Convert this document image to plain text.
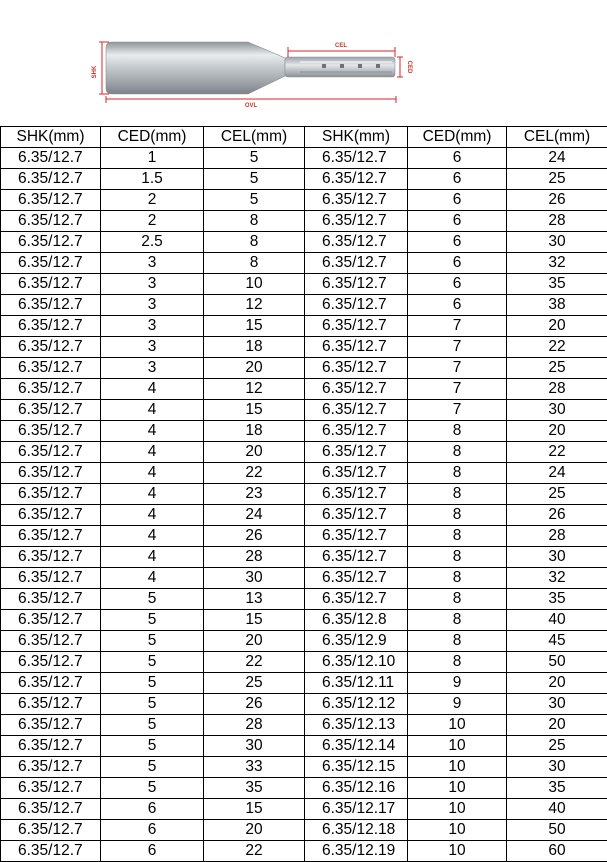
SHK
CEL
CED
OVL
SHK(mm)	CED(mm)	CEL(mm)	SHK(mm)	CED(mm)	CEL(mm)
6.35/12.7	1	5	6.35/12.7	6	24
6.35/12.7	1.5	5	6.35/12.7	6	25
6.35/12.7	2	5	6.35/12.7	6	26
6.35/12.7	2	8	6.35/12.7	6	28
6.35/12.7	2.5	8	6.35/12.7	6	30
6.35/12.7	3	8	6.35/12.7	6	32
6.35/12.7	3	10	6.35/12.7	6	35
6.35/12.7	3	12	6.35/12.7	6	38
6.35/12.7	3	15	6.35/12.7	7	20
6.35/12.7	3	18	6.35/12.7	7	22
6.35/12.7	3	20	6.35/12.7	7	25
6.35/12.7	4	12	6.35/12.7	7	28
6.35/12.7	4	15	6.35/12.7	7	30
6.35/12.7	4	18	6.35/12.7	8	20
6.35/12.7	4	20	6.35/12.7	8	22
6.35/12.7	4	22	6.35/12.7	8	24
6.35/12.7	4	23	6.35/12.7	8	25
6.35/12.7	4	24	6.35/12.7	8	26
6.35/12.7	4	26	6.35/12.7	8	28
6.35/12.7	4	28	6.35/12.7	8	30
6.35/12.7	4	30	6.35/12.7	8	32
6.35/12.7	5	13	6.35/12.7	8	35
6.35/12.7	5	15	6.35/12.8	8	40
6.35/12.7	5	20	6.35/12.9	8	45
6.35/12.7	5	22	6.35/12.10	8	50
6.35/12.7	5	25	6.35/12.11	9	20
6.35/12.7	5	26	6.35/12.12	9	30
6.35/12.7	5	28	6.35/12.13	10	20
6.35/12.7	5	30	6.35/12.14	10	25
6.35/12.7	5	33	6.35/12.15	10	30
6.35/12.7	5	35	6.35/12.16	10	35
6.35/12.7	6	15	6.35/12.17	10	40
6.35/12.7	6	20	6.35/12.18	10	50
6.35/12.7	6	22	6.35/12.19	10	60
